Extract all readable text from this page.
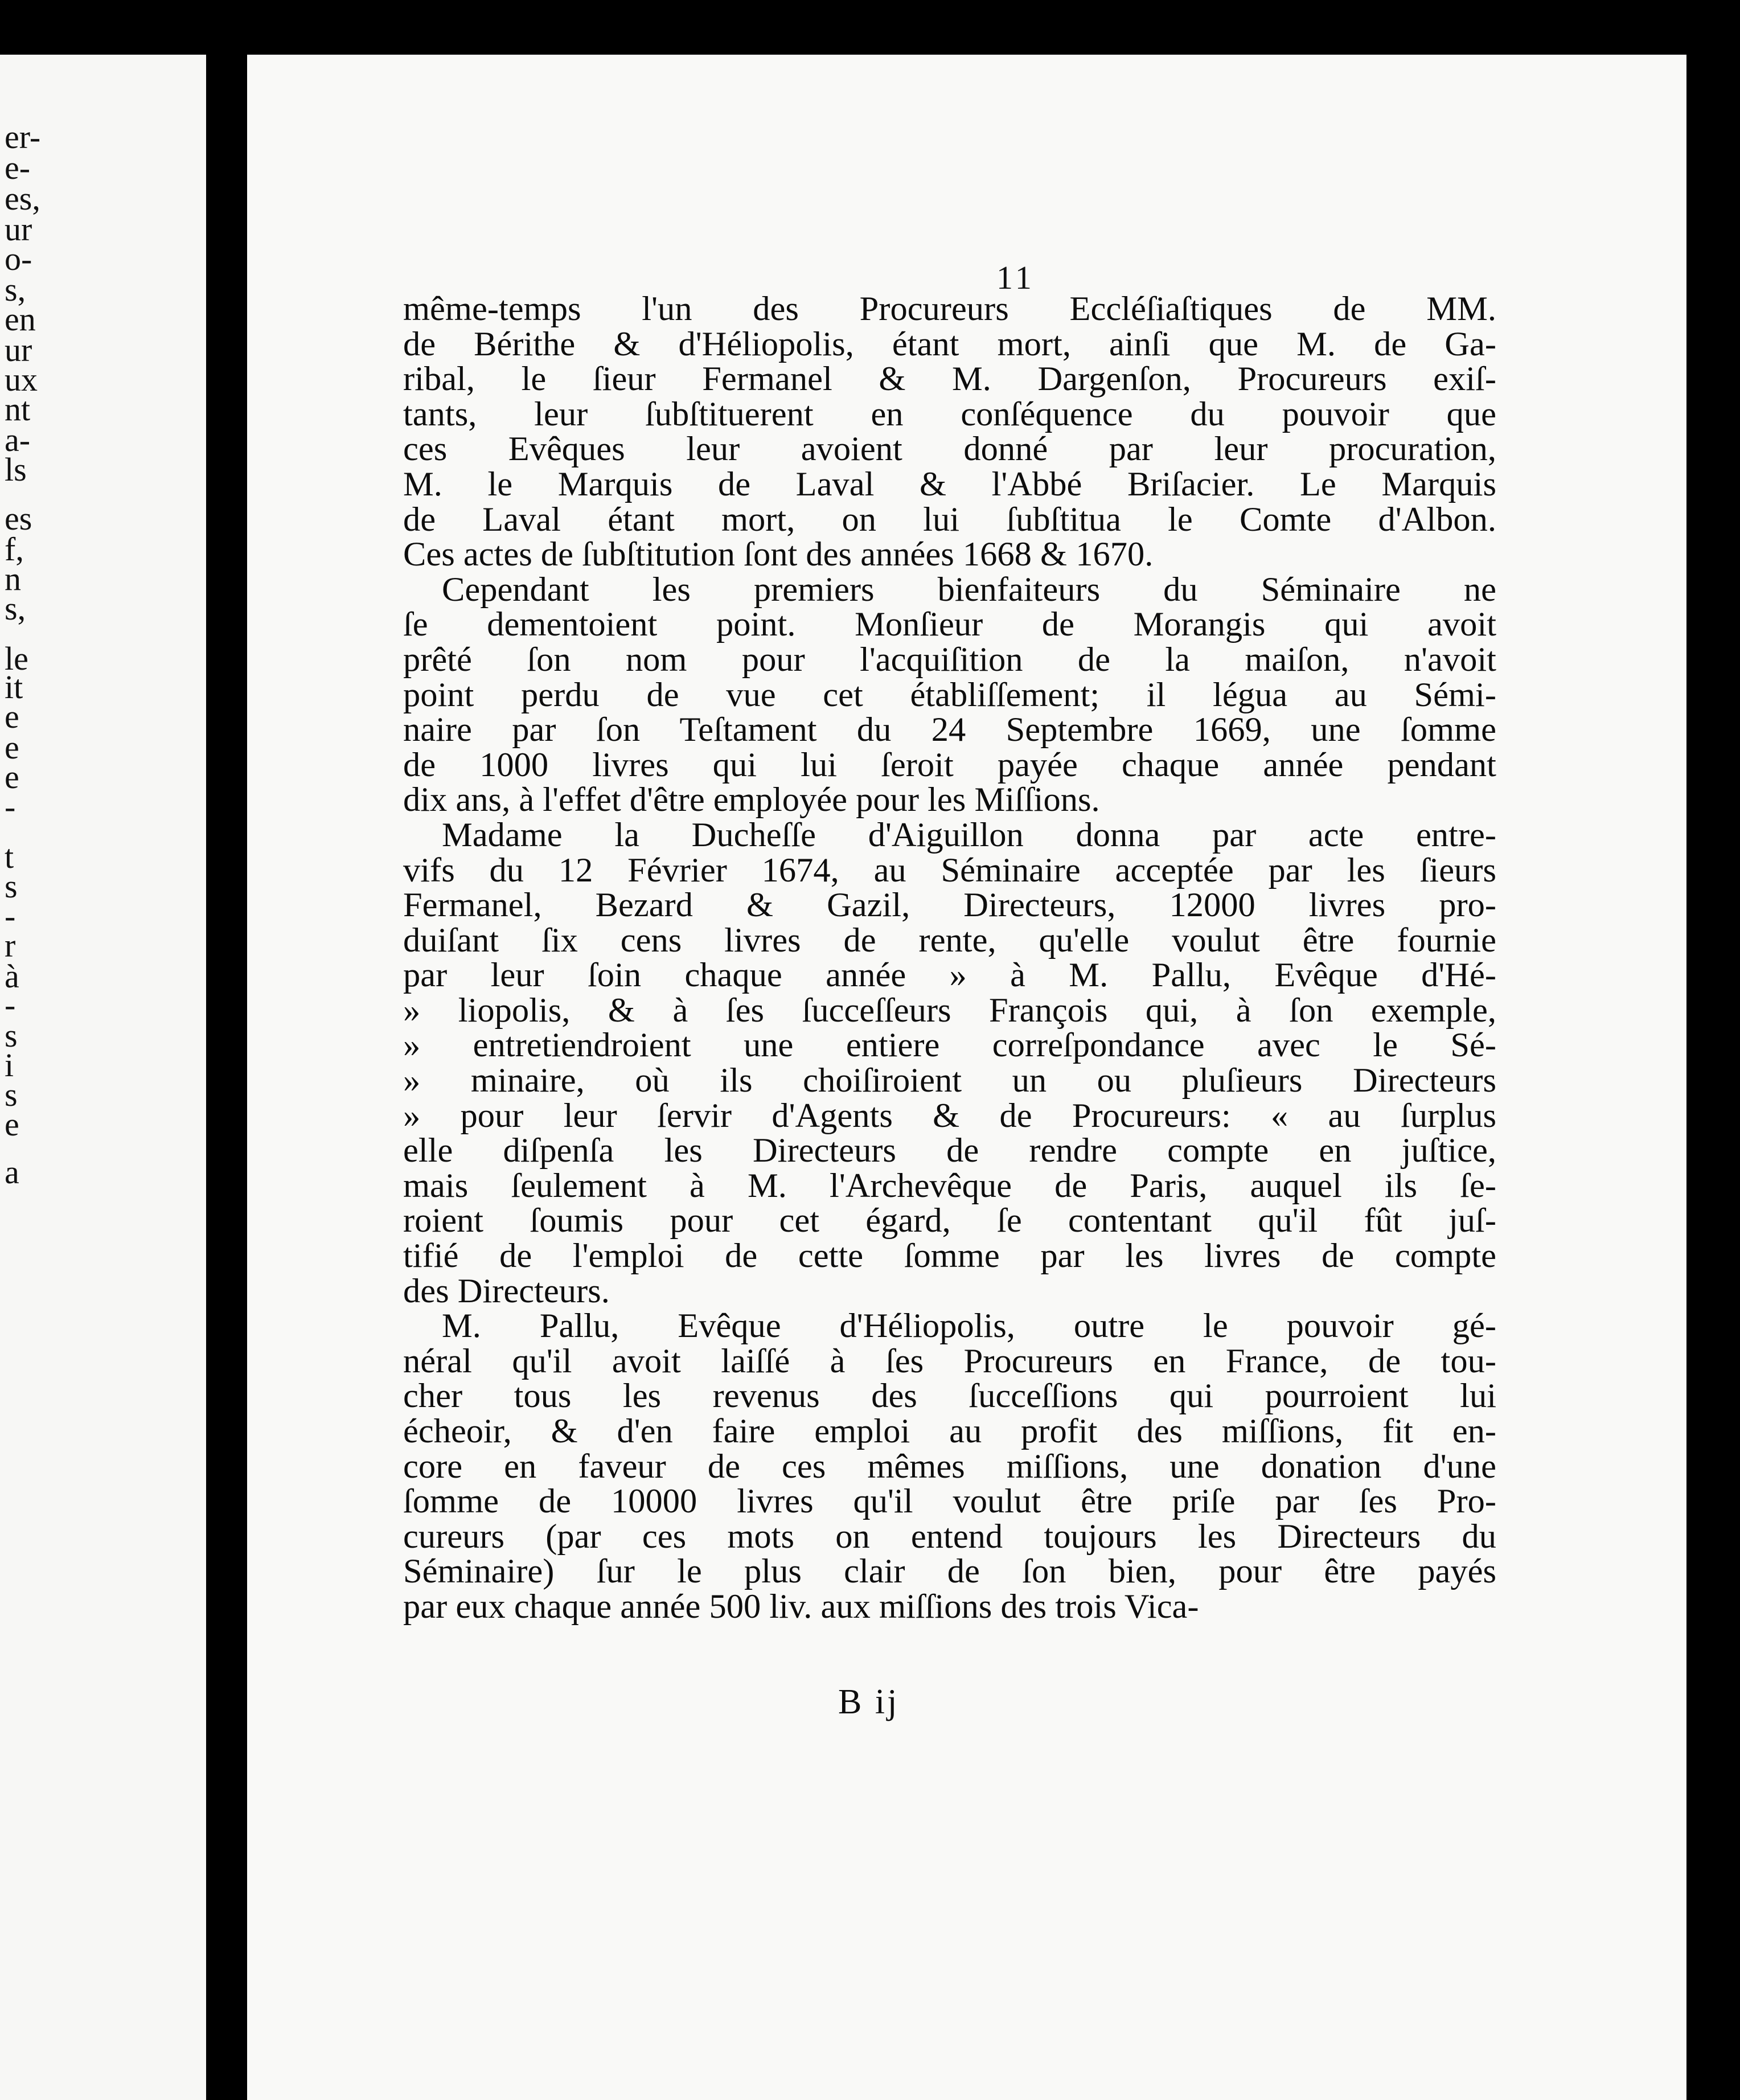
er-
e-
es,
ur
o-
s,
en
ur
ux
nt
a-
ls
es
f,
n
s,
le
it
e
e
e
-
t
s
-
r
à
-
s
i
s
e
a
11
même-temps l'un des Procureurs Eccléſiaſtiques de MM.
de Bérithe & d'Héliopolis, étant mort, ainſi que M. de Ga-
ribal, le ſieur Fermanel & M. Dargenſon, Procureurs exiſ-
tants, leur ſubſtituerent en conſéquence du pouvoir que
ces Evêques leur avoient donné par leur procuration,
M. le Marquis de Laval & l'Abbé Briſacier. Le Marquis
de Laval étant mort, on lui ſubſtitua le Comte d'Albon.
Ces actes de ſubſtitution ſont des années 1668 & 1670.
Cependant les premiers bienfaiteurs du Séminaire ne
ſe dementoient point. Monſieur de Morangis qui avoit
prêté ſon nom pour l'acquiſition de la maiſon, n'avoit
point perdu de vue cet établiſſement; il légua au Sémi-
naire par ſon Teſtament du 24 Septembre 1669, une ſomme
de 1000 livres qui lui ſeroit payée chaque année pendant
dix ans, à l'effet d'être employée pour les Miſſions.
Madame la Ducheſſe d'Aiguillon donna par acte entre-
vifs du 12 Février 1674, au Séminaire acceptée par les ſieurs
Fermanel, Bezard & Gazil, Directeurs, 12000 livres pro-
duiſant ſix cens livres de rente, qu'elle voulut être fournie
par leur ſoin chaque année » à M. Pallu, Evêque d'Hé-
» liopolis, & à ſes ſucceſſeurs François qui, à ſon exemple,
» entretiendroient une entiere correſpondance avec le Sé-
» minaire, où ils choiſiroient un ou pluſieurs Directeurs
» pour leur ſervir d'Agents & de Procureurs: « au ſurplus
elle diſpenſa les Directeurs de rendre compte en juſtice,
mais ſeulement à M. l'Archevêque de Paris, auquel ils ſe-
roient ſoumis pour cet égard, ſe contentant qu'il fût juſ-
tifié de l'emploi de cette ſomme par les livres de compte
des Directeurs.
M. Pallu, Evêque d'Héliopolis, outre le pouvoir gé-
néral qu'il avoit laiſſé à ſes Procureurs en France, de tou-
cher tous les revenus des ſucceſſions qui pourroient lui
écheoir, & d'en faire emploi au profit des miſſions, fit en-
core en faveur de ces mêmes miſſions, une donation d'une
ſomme de 10000 livres qu'il voulut être priſe par ſes Pro-
cureurs (par ces mots on entend toujours les Directeurs du
Séminaire) ſur le plus clair de ſon bien, pour être payés
par eux chaque année 500 liv. aux miſſions des trois Vica-
B ij
